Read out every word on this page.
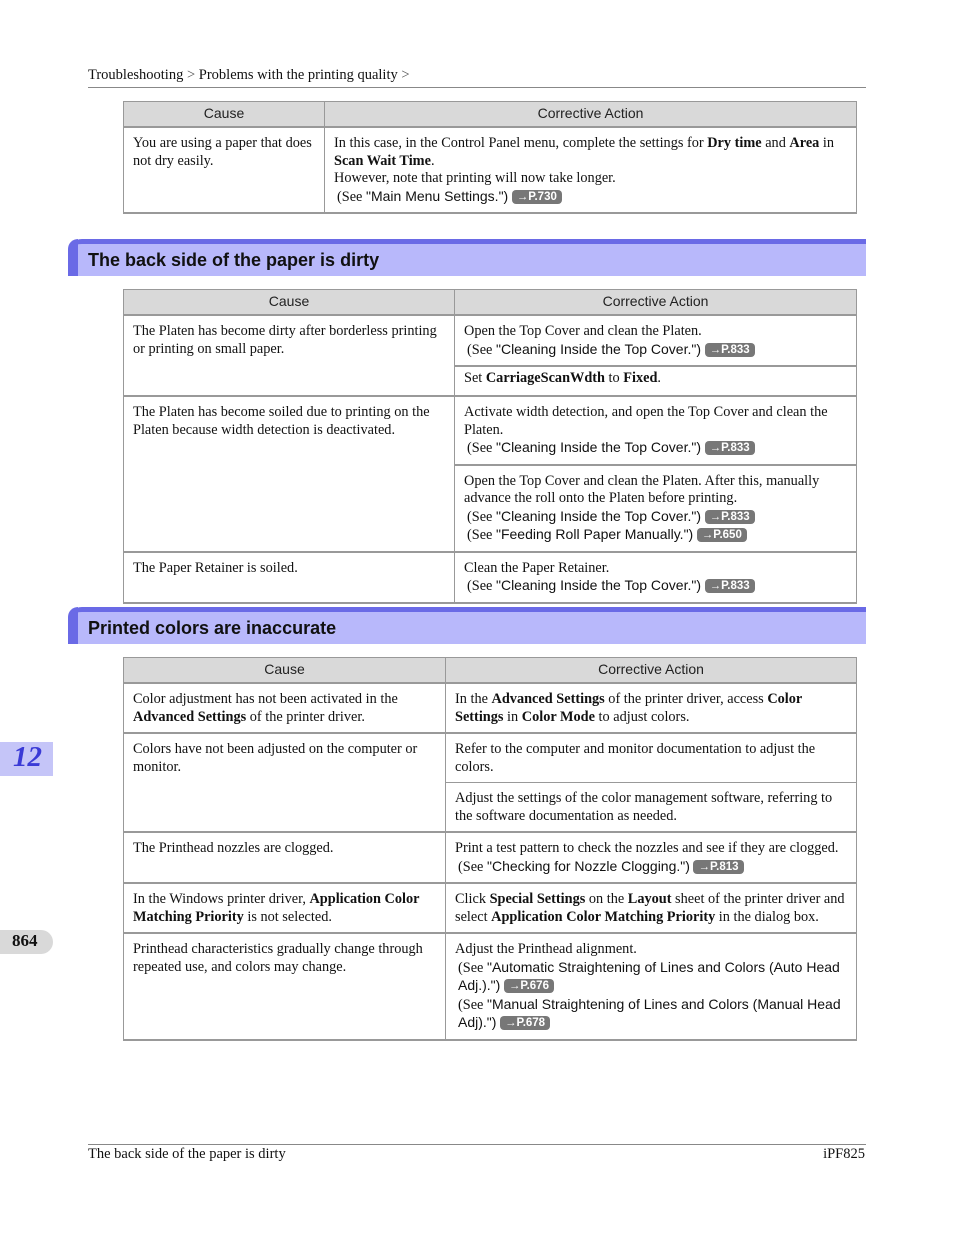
Troubleshooting > Problems with the printing quality >
Cause	Corrective Action
You are using a paper that does not dry easily.	In this case, in the Control Panel menu, complete the settings for Dry time and Area in Scan Wait Time.
However, note that printing will now take longer.
(See "Main Menu Settings.") →P.730
The back side of the paper is dirty
Cause	Corrective Action
The Platen has become dirty after borderless printing or printing on small paper.	Open the Top Cover and clean the Platen.
(See "Cleaning Inside the Top Cover.") →P.833

	Set CarriageScanWdth to Fixed.

The Platen has become soiled due to printing on the Platen because width detection is deactivated.	Activate width detection, and open the Top Cover and clean the Platen.
(See "Cleaning Inside the Top Cover.") →P.833

	Open the Top Cover and clean the Platen. After this, manually advance the roll onto the Platen before printing.
(See "Cleaning Inside the Top Cover.") →P.833
(See "Feeding Roll Paper Manually.") →P.650

The Paper Retainer is soiled.	Clean the Paper Retainer.
(See "Cleaning Inside the Top Cover.") →P.833
Printed colors are inaccurate
Cause	Corrective Action
Color adjustment has not been activated in the Advanced Settings of the printer driver.	In the Advanced Settings of the printer driver, access Color Settings in Color Mode to adjust colors.
Colors have not been adjusted on the computer or monitor.	Refer to the computer and monitor documentation to adjust the colors.
	Adjust the settings of the color management software, referring to the software documentation as needed.
The Printhead nozzles are clogged.	Print a test pattern to check the nozzles and see if they are clogged.
(See "Checking for Nozzle Clogging.") →P.813

In the Windows printer driver, Application Color Matching Priority is not selected.	Click Special Settings on the Layout sheet of the printer driver and select Application Color Matching Priority in the dialog box.
Printhead characteristics gradually change through repeated use, and colors may change.	Adjust the Printhead alignment.
(See "Automatic Straightening of Lines and Colors (Auto Head Adj.).") →P.676
(See "Manual Straightening of Lines and Colors (Manual Head Adj).") →P.678
12
864
The back side of the paper is dirty	iPF825
